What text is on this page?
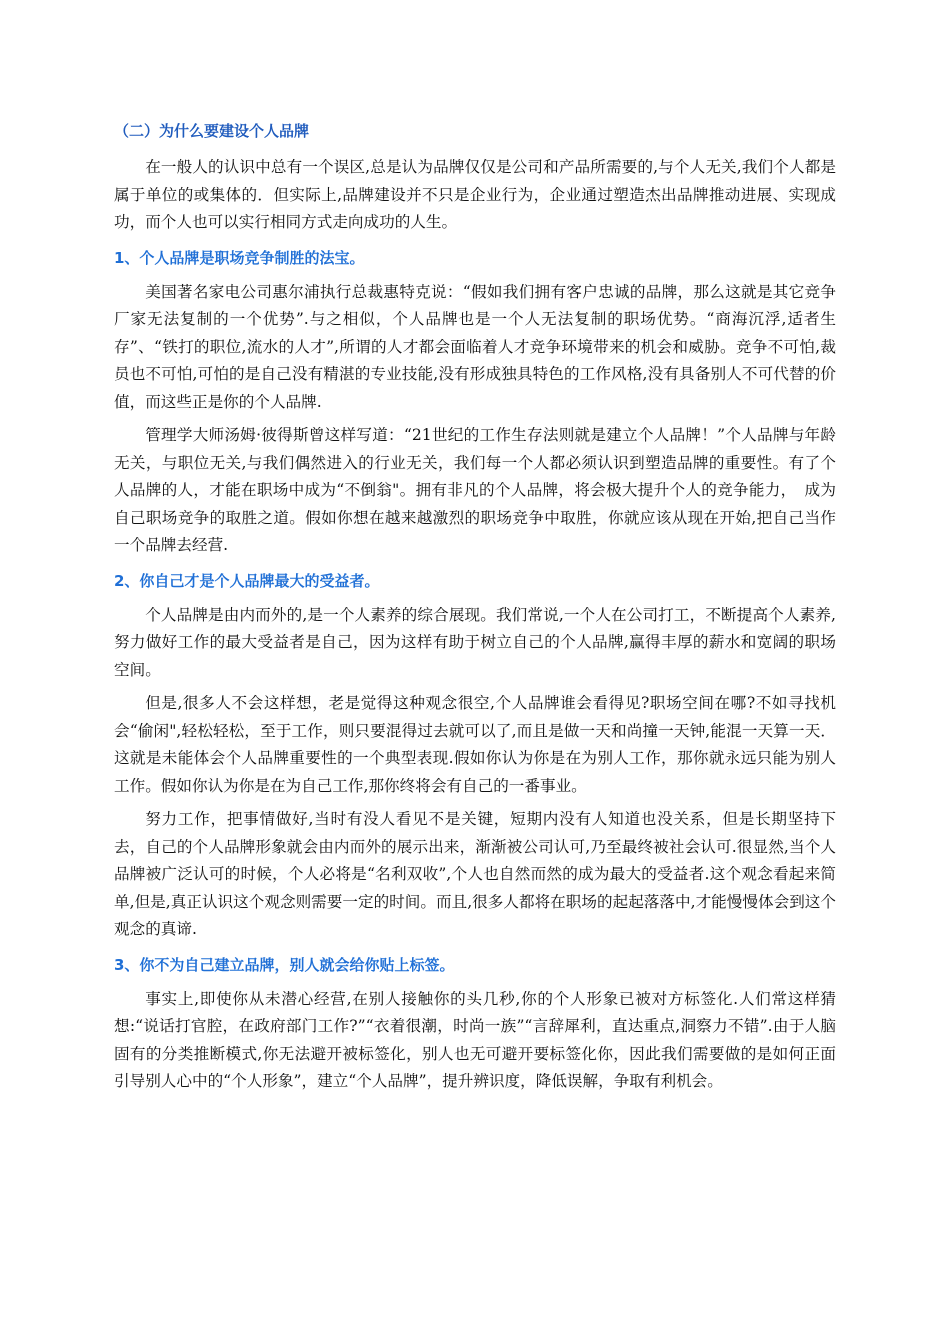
（二）为什么要建设个人品牌

在一般人的认识中总有一个误区,总是认为品牌仅仅是公司和产品所需要的,与个人无关,我们个人都是属于单位的或集体的．但实际上,品牌建设并不只是企业行为，企业通过塑造杰出品牌推动进展、实现成功，而个人也可以实行相同方式走向成功的人生。

1、个人品牌是职场竞争制胜的法宝。

美国著名家电公司惠尔浦执行总裁惠特克说：“假如我们拥有客户忠诚的品牌，那么这就是其它竞争厂家无法复制的一个优势”.与之相似，个人品牌也是一个人无法复制的职场优势。“商海沉浮,适者生存”、“铁打的职位,流水的人才”,所谓的人才都会面临着人才竞争环境带来的机会和威胁。竞争不可怕,裁员也不可怕,可怕的是自己没有精湛的专业技能,没有形成独具特色的工作风格,没有具备别人不可代替的价值，而这些正是你的个人品牌.

管理学大师汤姆·彼得斯曾这样写道：“21世纪的工作生存法则就是建立个人品牌！”个人品牌与年龄无关，与职位无关,与我们偶然进入的行业无关，我们每一个人都必须认识到塑造品牌的重要性。有了个人品牌的人，才能在职场中成为“不倒翁"。拥有非凡的个人品牌，将会极大提升个人的竞争能力，　成为自己职场竞争的取胜之道。假如你想在越来越激烈的职场竞争中取胜，你就应该从现在开始,把自己当作一个品牌去经营.

2、你自己才是个人品牌最大的受益者。

个人品牌是由内而外的,是一个人素养的综合展现。我们常说,一个人在公司打工，不断提高个人素养,努力做好工作的最大受益者是自己，因为这样有助于树立自己的个人品牌,赢得丰厚的薪水和宽阔的职场空间。

但是,很多人不会这样想，老是觉得这种观念很空,个人品牌谁会看得见?职场空间在哪?不如寻找机会“偷闲",轻松轻松，至于工作，则只要混得过去就可以了,而且是做一天和尚撞一天钟,能混一天算一天．这就是未能体会个人品牌重要性的一个典型表现.假如你认为你是在为别人工作，那你就永远只能为别人工作。假如你认为你是在为自己工作,那你终将会有自己的一番事业。

努力工作，把事情做好,当时有没人看见不是关键，短期内没有人知道也没关系，但是长期坚持下去，自己的个人品牌形象就会由内而外的展示出来，渐渐被公司认可,乃至最终被社会认可.很显然,当个人品牌被广泛认可的时候，个人必将是“名利双收”,个人也自然而然的成为最大的受益者.这个观念看起来简单,但是,真正认识这个观念则需要一定的时间。而且,很多人都将在职场的起起落落中,才能慢慢体会到这个观念的真谛.

3、你不为自己建立品牌，别人就会给你贴上标签。

事实上,即使你从未潜心经营,在别人接触你的头几秒,你的个人形象已被对方标签化.人们常这样猜想:“说话打官腔，在政府部门工作?”“衣着很潮，时尚一族”“言辞犀利，直达重点,洞察力不错”.由于人脑固有的分类推断模式,你无法避开被标签化，别人也无可避开要标签化你，因此我们需要做的是如何正面引导别人心中的“个人形象”，建立“个人品牌”，提升辨识度，降低误解，争取有利机会。
